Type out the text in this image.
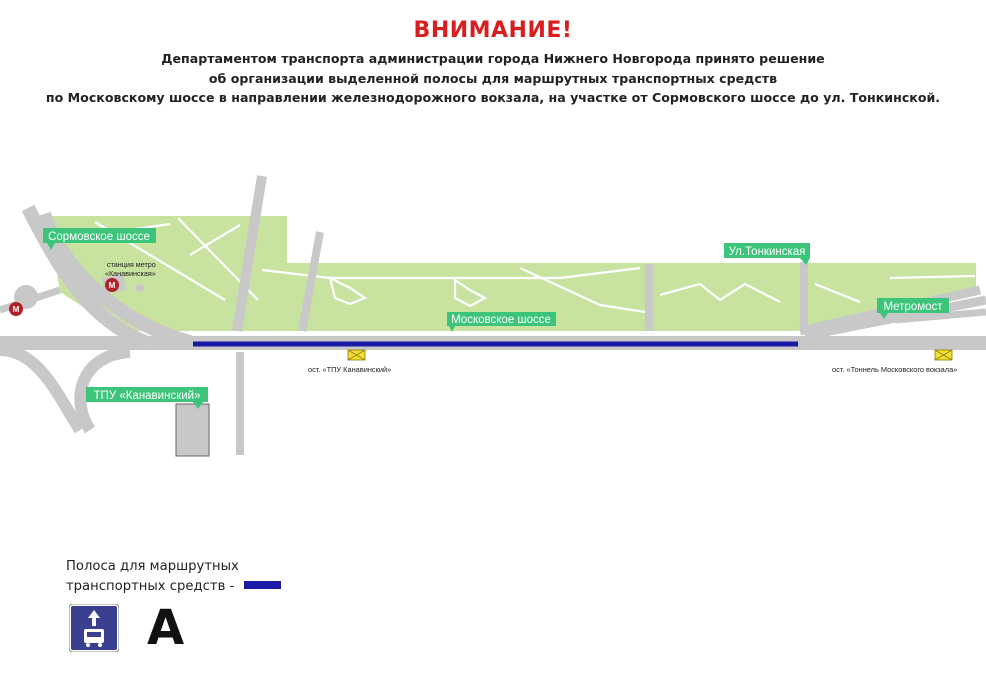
ВНИМАНИЕ!
Департаментом транспорта администрации города Нижнего Новгорода принято решение
об организации выделенной полосы для маршрутных транспортных средств
по Московскому шоссе в направлении железнодорожного вокзала, на участке от Сормовского шоссе до ул. Тонкинской.
М
М
станция метро
«Канавинская»
Сормовское шоссе
Московское шоссе
Ул.Тонкинская
Метромост
ТПУ «Канавинский»
ост. «ТПУ Канавинский»	ост. «Тоннель Московского вокзала»
Полоса для маршрутных
транспортных средств -
А
